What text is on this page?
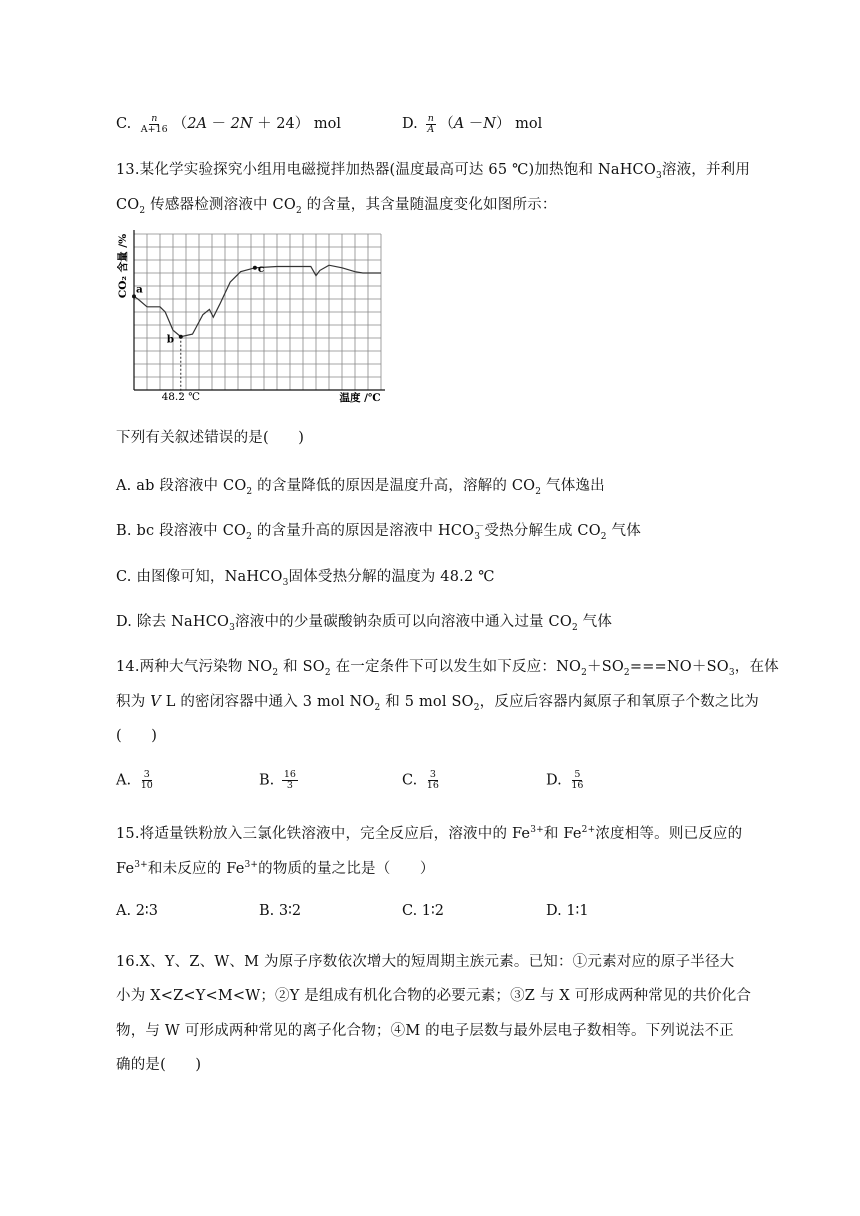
C. $\frac{n}{A+16} (2A - 2N + 24)$ mol	D. $\frac{n}{A} (A -N)$ mol
13.某化学实验探究小组用电磁搅拌加热器(温度最高可达 65 ℃)加热饱和 NaHCO$_3$溶液，并利用
$CO_2$ 传感器检测溶液中 $CO_2$ 的含量，其含量随温度变化如图所示：
a
b
c
CO₂ 含量 /%
温度 /℃
48.2 ℃
下列有关叙述错误的是(　　)
A. ab 段溶液中 $CO_2$ 的含量降低的原因是温度升高，溶解的 $CO_2$ 气体逸出
B. bc 段溶液中 $CO_2$ 的含量升高的原因是溶液中 $HCO_3^-$受热分解生成 $CO_2$ 气体
C. 由图像可知，NaHCO$_3$固体受热分解的温度为 48.2 ℃
D. 除去 NaHCO$_3$溶液中的少量碳酸钠杂质可以向溶液中通入过量 $CO_2$ 气体
14.两种大气污染物 $NO_2$ 和 $SO_2$ 在一定条件下可以发生如下反应：$NO_2+SO_2===NO+SO_3$，在体
积为 V L 的密闭容器中通入 3 mol $NO_2$ 和 5 mol $SO_2$，反应后容器内氮原子和氧原子个数之比为
(　　)
A. $\frac{3}{10}$	B. $\frac{16}{3}$	C. $\frac{3}{16}$	D. $\frac{5}{16}$
15.将适量铁粉放入三氯化铁溶液中，完全反应后，溶液中的 $Fe^{3+}$和 $Fe^{2+}$浓度相等。则已反应的
$Fe^{3+}$和未反应的 $Fe^{3+}$的物质的量之比是（　　）
A. 2∶3	B. 3∶2	C. 1∶2	D. 1∶1
16.X、Y、Z、W、M 为原子序数依次增大的短周期主族元素。已知：①元素对应的原子半径大
小为 X<Z<Y<M<W；②Y 是组成有机化合物的必要元素；③Z 与 X 可形成两种常见的共价化合
物，与 W 可形成两种常见的离子化合物；④M 的电子层数与最外层电子数相等。下列说法不正
确的是(　　)
